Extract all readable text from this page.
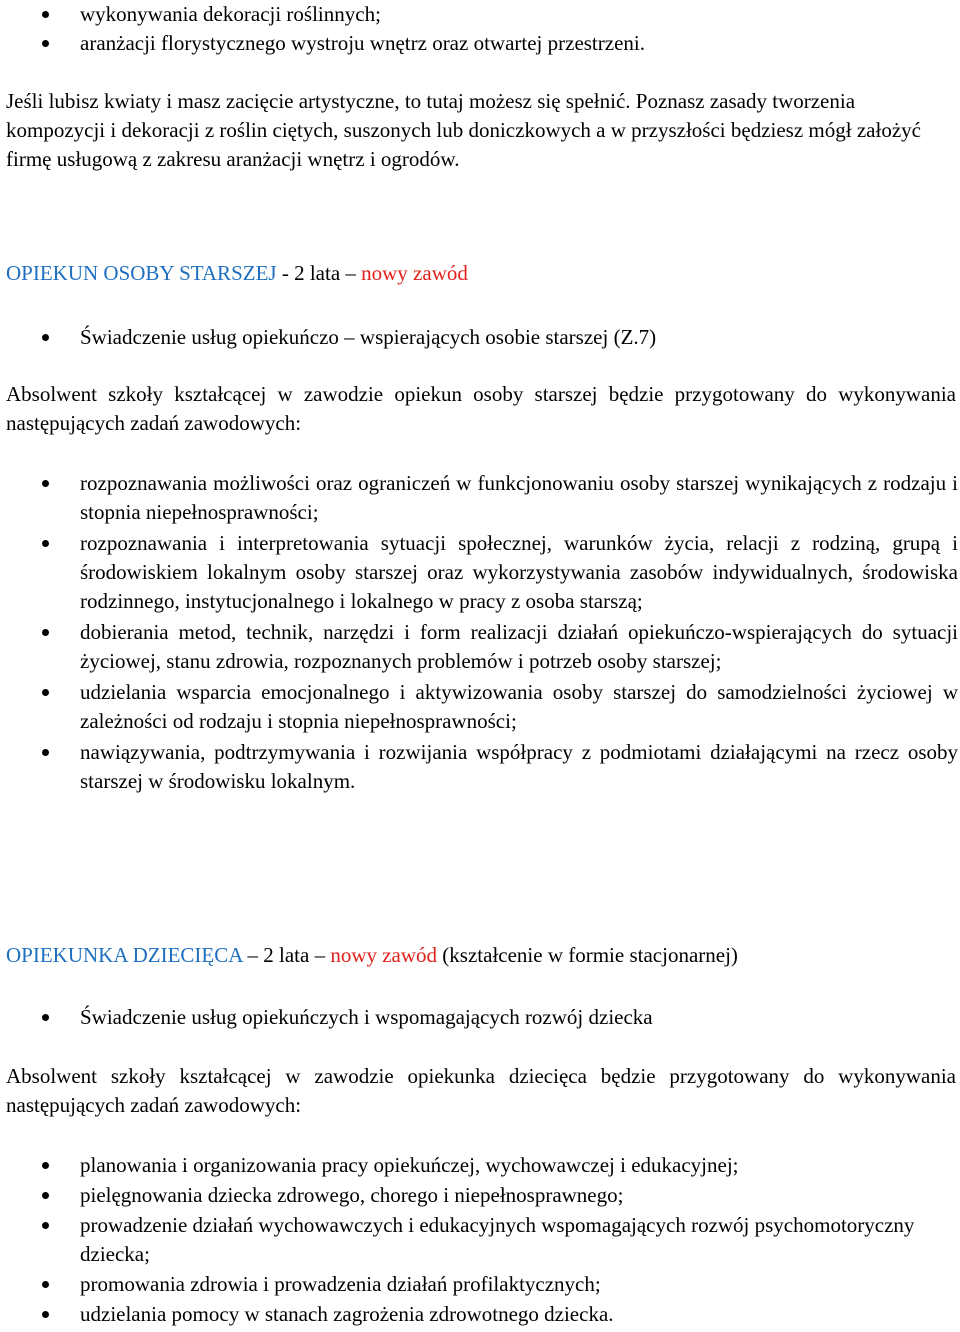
wykonywania dekoracji roślinnych;
aranżacji florystycznego wystroju wnętrz oraz otwartej przestrzeni.

Jeśli lubisz kwiaty i masz zacięcie artystyczne, to tutaj możesz się spełnić. Poznasz zasady tworzenia kompozycji i dekoracji z roślin ciętych, suszonych lub doniczkowych a w przyszłości będziesz mógł założyć firmę usługową z zakresu aranżacji wnętrz i ogrodów.

OPIEKUN OSOBY STARSZEJ - 2 lata – nowy zawód

Świadczenie usług opiekuńczo – wspierających osobie starszej (Z.7)

Absolwent szkoły kształcącej w zawodzie opiekun osoby starszej będzie przygotowany do wykonywania następujących zadań zawodowych:

rozpoznawania możliwości oraz ograniczeń w funkcjonowaniu osoby starszej wynikających z rodzaju i stopnia niepełnosprawności;
rozpoznawania i interpretowania sytuacji społecznej, warunków życia, relacji z rodziną, grupą i środowiskiem lokalnym osoby starszej oraz wykorzystywania zasobów indywidualnych, środowiska rodzinnego, instytucjonalnego i lokalnego w pracy z osoba starszą;
dobierania metod, technik, narzędzi i form realizacji działań opiekuńczo-wspierających do sytuacji życiowej, stanu zdrowia, rozpoznanych problemów i potrzeb osoby starszej;
udzielania wsparcia emocjonalnego i aktywizowania osoby starszej do samodzielności życiowej w zależności od rodzaju i stopnia niepełnosprawności;
nawiązywania, podtrzymywania i rozwijania współpracy z podmiotami działającymi na rzecz osoby starszej w środowisku lokalnym.

OPIEKUNKA DZIECIĘCA – 2 lata – nowy zawód (kształcenie w formie stacjonarnej)

Świadczenie usług opiekuńczych i wspomagających rozwój dziecka

Absolwent szkoły kształcącej w zawodzie opiekunka dziecięca będzie przygotowany do wykonywania następujących zadań zawodowych:

planowania i organizowania pracy opiekuńczej, wychowawczej i edukacyjnej;
pielęgnowania dziecka zdrowego, chorego i niepełnosprawnego;
prowadzenie działań wychowawczych i edukacyjnych wspomagających rozwój psychomotoryczny dziecka;
promowania zdrowia i prowadzenia działań profilaktycznych;
udzielania pomocy w stanach zagrożenia zdrowotnego dziecka.
